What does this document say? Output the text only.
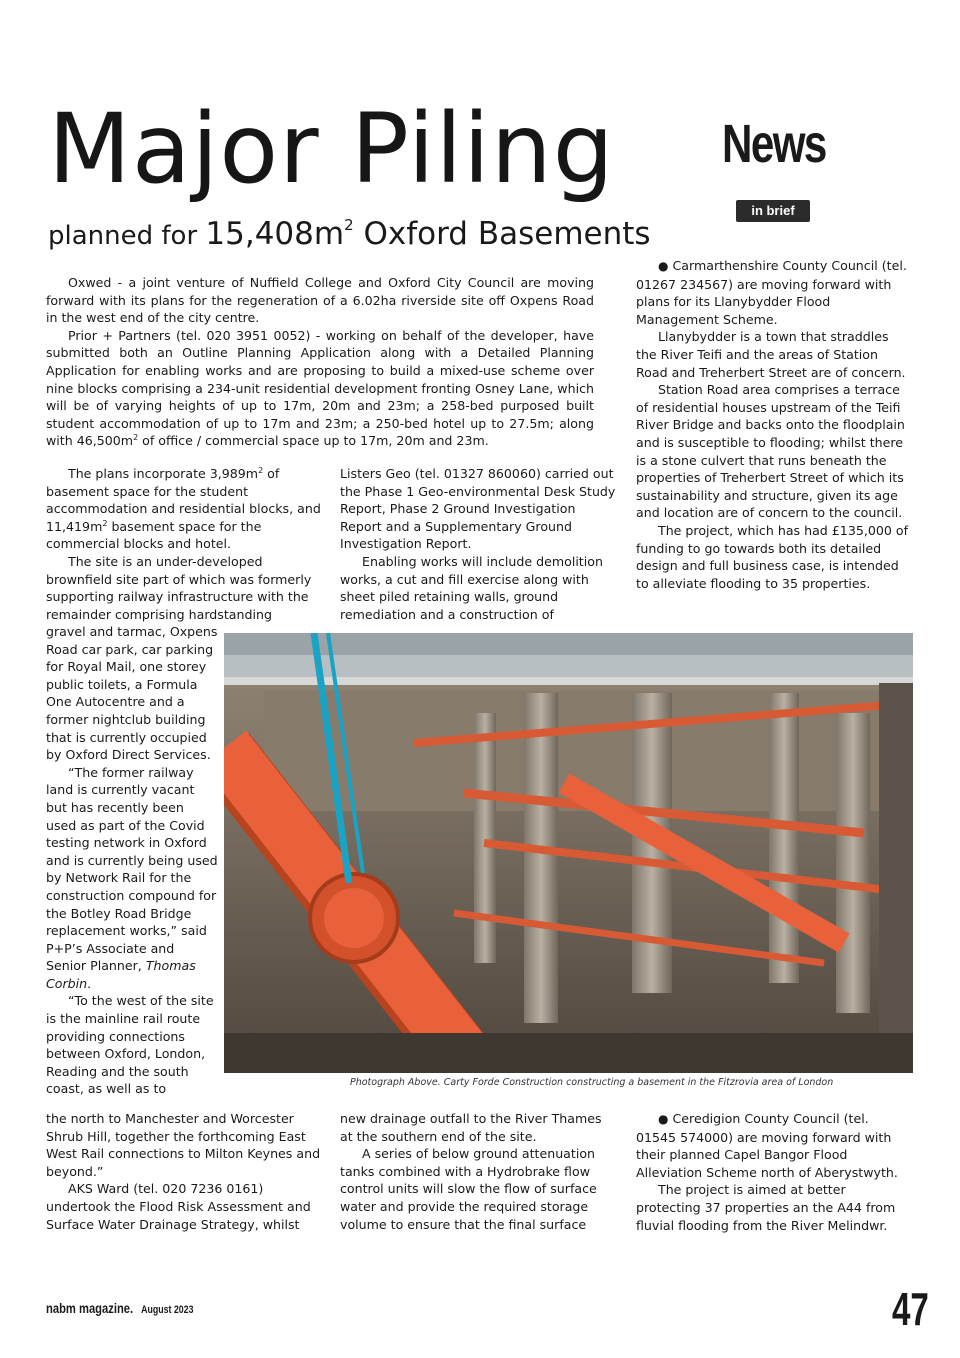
Major Piling
planned for $15,408m^2$ Oxford Basements
News
in brief

Oxwed - a joint venture of Nuffield College and Oxford City Council are moving forward with its plans for the regeneration of a 6.02ha riverside site off Oxpens Road in the west end of the city centre.

Prior + Partners (tel. 020 3951 0052) - working on behalf of the developer, have submitted both an Outline Planning Application along with a Detailed Planning Application for enabling works and are proposing to build a mixed-use scheme over nine blocks comprising a 234-unit residential development fronting Osney Lane, which will be of varying heights of up to 17m, 20m and 23m; a 258-bed purposed built student accommodation of up to 17m and 23m; a 250-bed hotel up to 27.5m; along with $46,500m^2$ of office / commercial space up to 17m, 20m and 23m.

The plans incorporate $3,989m^2$ of basement space for the student accommodation and residential blocks, and $11,419m^2$ basement space for the commercial blocks and hotel.

The site is an under-developed brownfield site part of which was formerly supporting railway infrastructure with the remainder comprising hardstanding

gravel and tarmac, Oxpens Road car park, car parking for Royal Mail, one storey public toilets, a Formula One Autocentre and a former nightclub building that is currently occupied by Oxford Direct Services.

“The former railway land is currently vacant but has recently been used as part of the Covid testing network in Oxford and is currently being used by Network Rail for the construction compound for the Botley Road Bridge replacement works,” said P+P’s Associate and Senior Planner, Thomas Corbin.

“To the west of the site is the mainline rail route providing connections between Oxford, London, Reading and the south coast, as well as to

the north to Manchester and Worcester Shrub Hill, together the forthcoming East West Rail connections to Milton Keynes and beyond.”

AKS Ward (tel. 020 7236 0161) undertook the Flood Risk Assessment and Surface Water Drainage Strategy, whilst

Listers Geo (tel. 01327 860060) carried out the Phase 1 Geo-environmental Desk Study Report, Phase 2 Ground Investigation Report and a Supplementary Ground Investigation Report.

Enabling works will include demolition works, a cut and fill exercise along with sheet piled retaining walls, ground remediation and a construction of

new drainage outfall to the River Thames at the southern end of the site.

A series of below ground attenuation tanks combined with a Hydrobrake flow control units will slow the flow of surface water and provide the required storage volume to ensure that the final surface

● Carmarthenshire County Council (tel. 01267 234567) are moving forward with plans for its Llanybydder Flood Management Scheme.

Llanybydder is a town that straddles the River Teifi and the areas of Station Road and Treherbert Street are of concern.

Station Road area comprises a terrace of residential houses upstream of the Teifi River Bridge and backs onto the floodplain and is susceptible to flooding; whilst there is a stone culvert that runs beneath the properties of Treherbert Street of which its sustainability and structure, given its age and location are of concern to the council.

The project, which has had £135,000 of funding to go towards both its detailed design and full business case, is intended to alleviate flooding to 35 properties.

● Ceredigion County Council (tel. 01545 574000) are moving forward with their planned Capel Bangor Flood Alleviation Scheme north of Aberystwyth.

The project is aimed at better protecting 37 properties an the A44 from fluvial flooding from the River Melindwr.

Photograph Above. Carty Forde Construction constructing a basement in the Fitzrovia area of London
nabm magazine. August 2023	47
